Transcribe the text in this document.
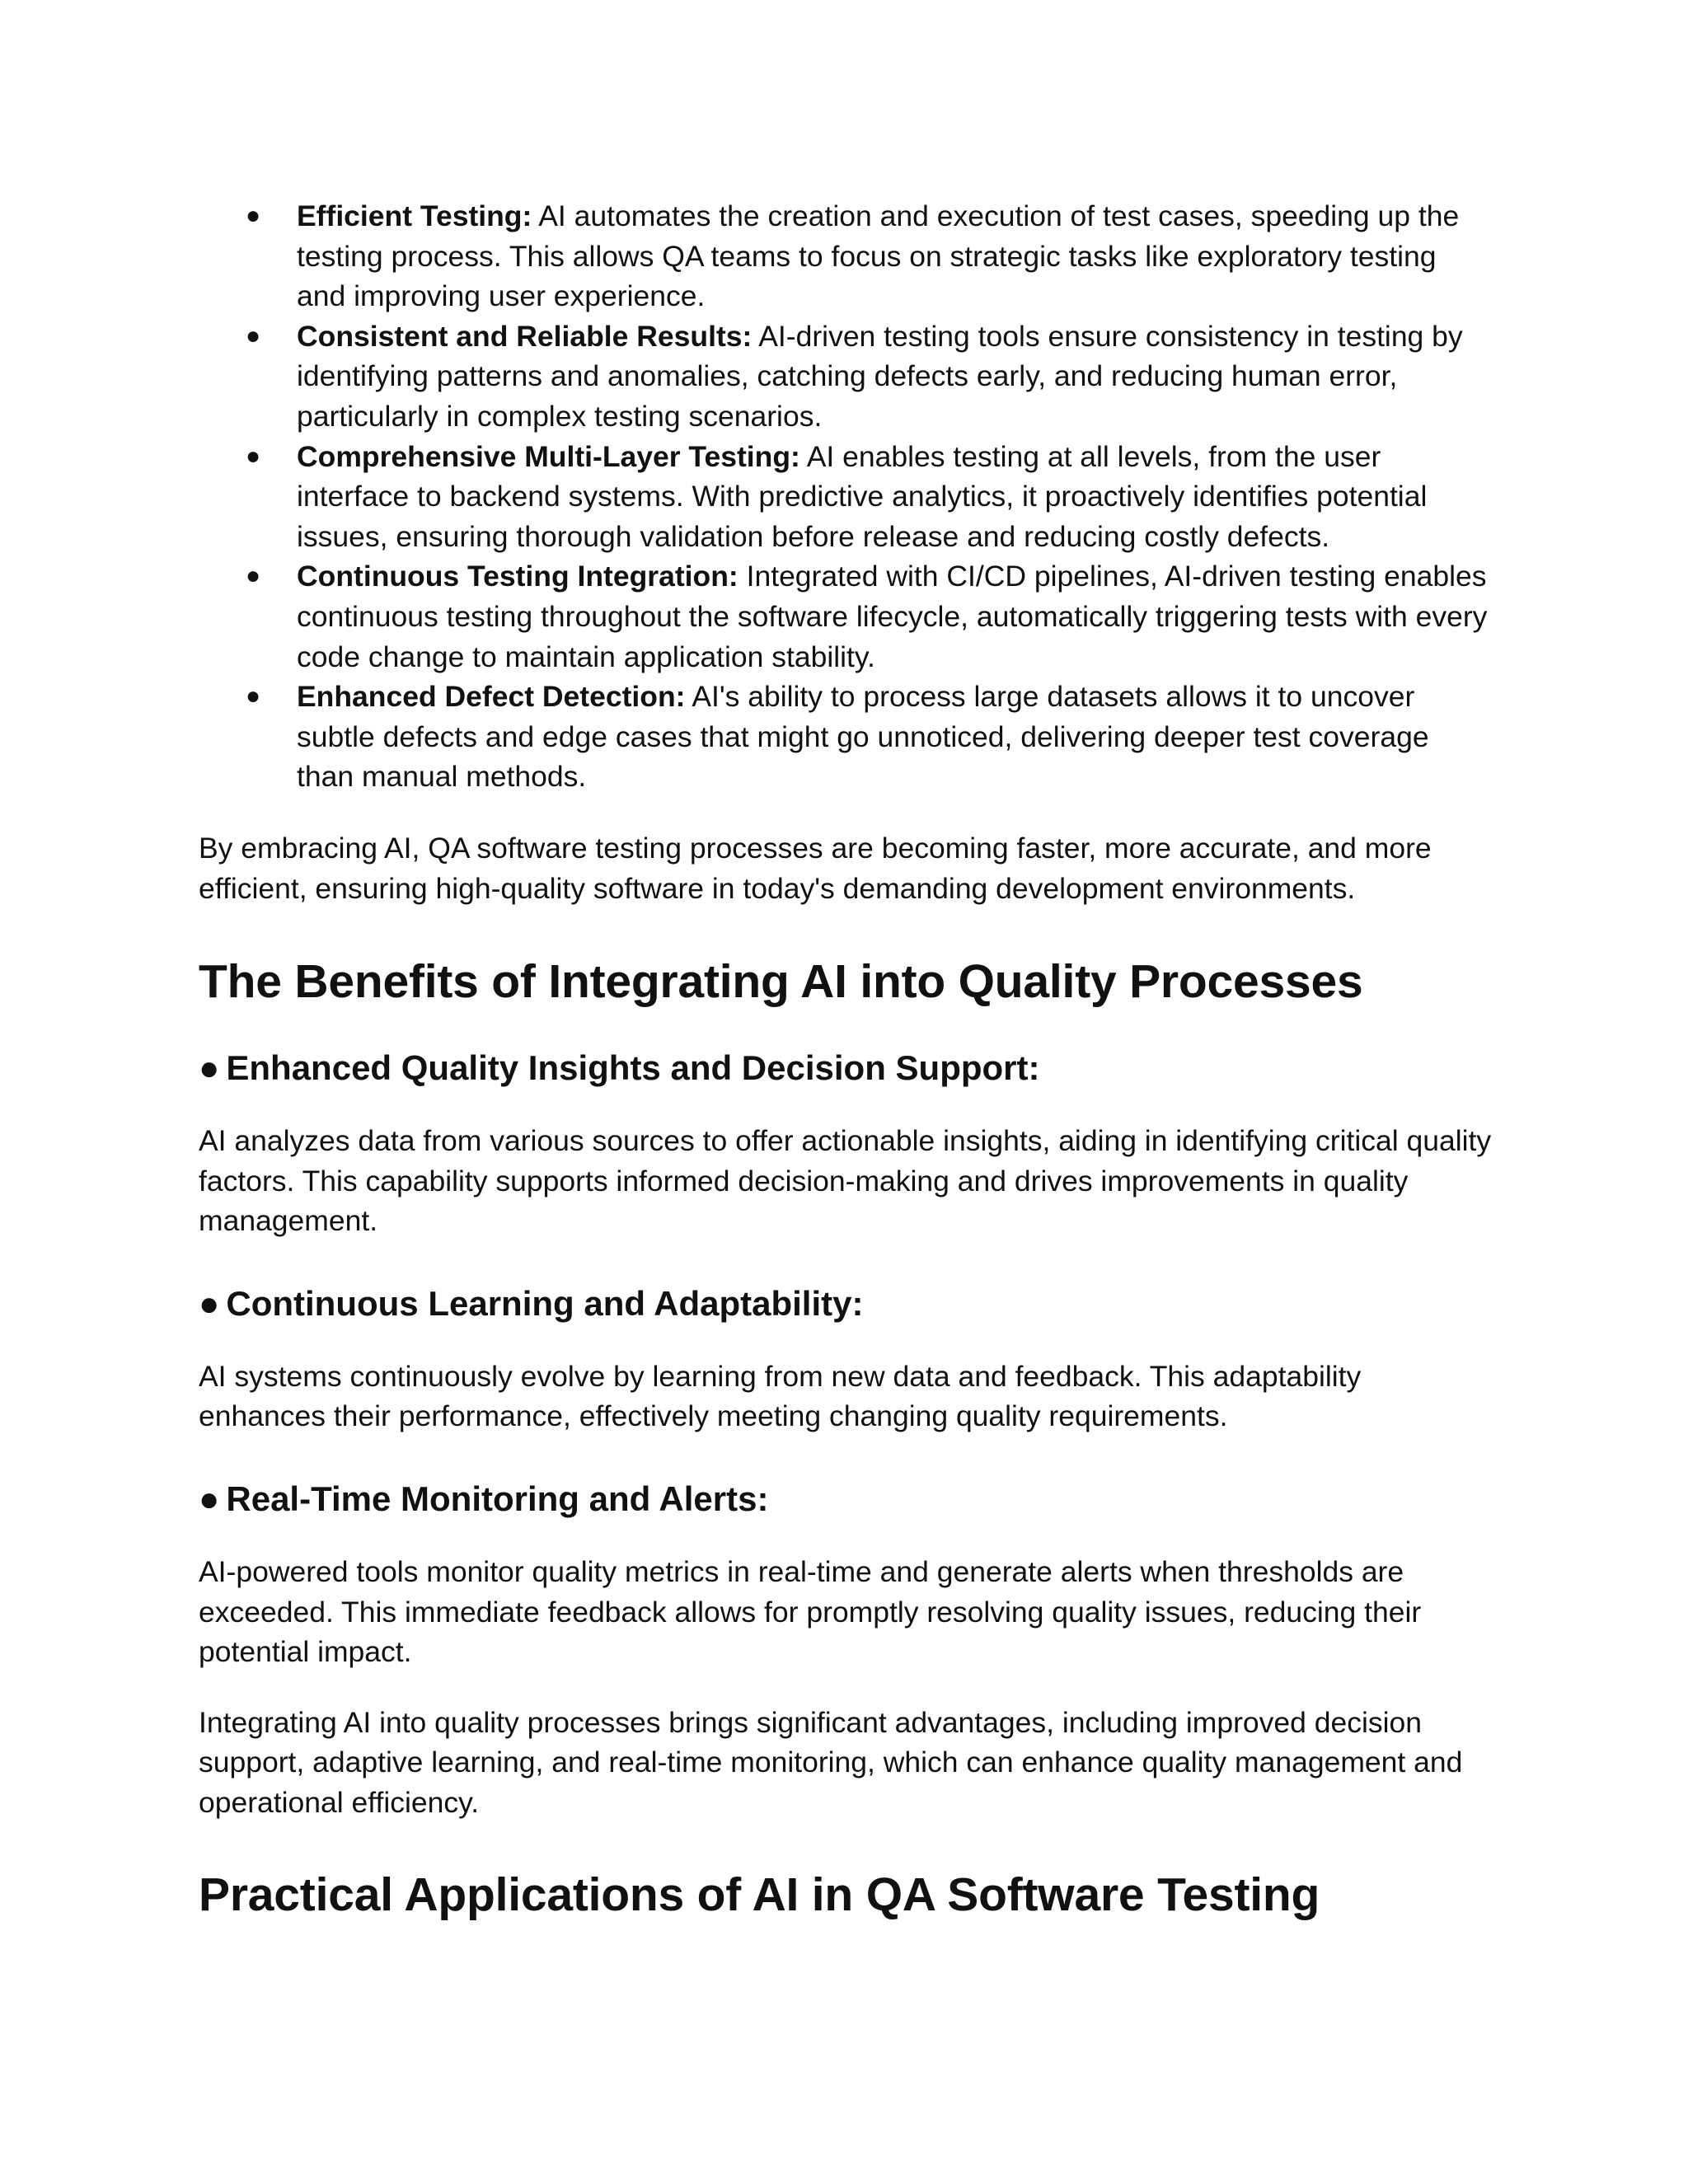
● Efficient Testing: AI automates the creation and execution of test cases, speeding up the testing process. This allows QA teams to focus on strategic tasks like exploratory testing and improving user experience.
● Consistent and Reliable Results: AI-driven testing tools ensure consistency in testing by identifying patterns and anomalies, catching defects early, and reducing human error, particularly in complex testing scenarios.
● Comprehensive Multi-Layer Testing: AI enables testing at all levels, from the user interface to backend systems. With predictive analytics, it proactively identifies potential issues, ensuring thorough validation before release and reducing costly defects.
● Continuous Testing Integration: Integrated with CI/CD pipelines, AI-driven testing enables continuous testing throughout the software lifecycle, automatically triggering tests with every code change to maintain application stability.
● Enhanced Defect Detection: AI's ability to process large datasets allows it to uncover subtle defects and edge cases that might go unnoticed, delivering deeper test coverage than manual methods.

By embracing AI, QA software testing processes are becoming faster, more accurate, and more efficient, ensuring high-quality software in today's demanding development environments.

The Benefits of Integrating AI into Quality Processes
● Enhanced Quality Insights and Decision Support:

AI analyzes data from various sources to offer actionable insights, aiding in identifying critical quality factors. This capability supports informed decision-making and drives improvements in quality management.

● Continuous Learning and Adaptability:

AI systems continuously evolve by learning from new data and feedback. This adaptability enhances their performance, effectively meeting changing quality requirements.

● Real-Time Monitoring and Alerts:

AI-powered tools monitor quality metrics in real-time and generate alerts when thresholds are exceeded. This immediate feedback allows for promptly resolving quality issues, reducing their potential impact.

Integrating AI into quality processes brings significant advantages, including improved decision support, adaptive learning, and real-time monitoring, which can enhance quality management and operational efficiency.

Practical Applications of AI in QA Software Testing
